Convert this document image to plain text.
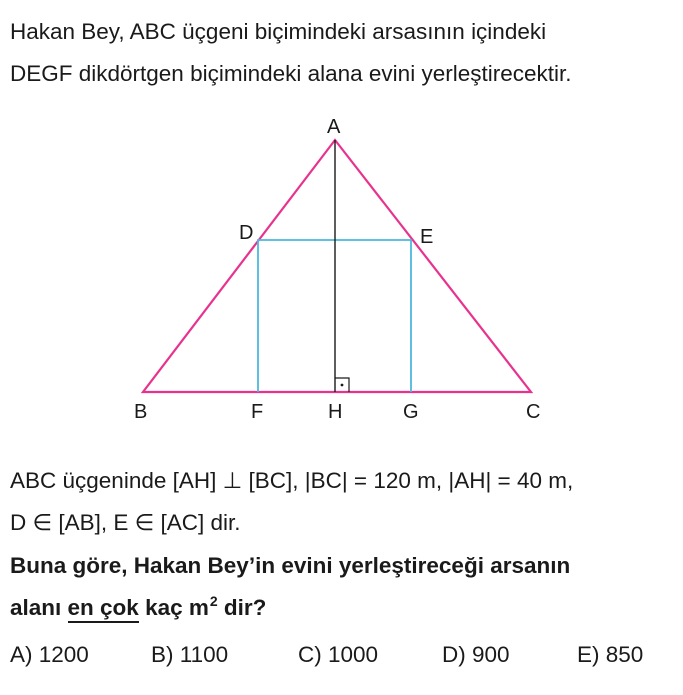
Hakan Bey, ABC üçgeni biçimindeki arsasının içindeki
DEGF dikdörtgen biçimindeki alana evini yerleştirecektir.
A
B	C
D	E
F	H	G
ABC üçgeninde [AH] ⊥ [BC], |BC| = 120 m, |AH| = 40 m,
D ∈ [AB], E ∈ [AC] dir.
Buna göre, Hakan Bey’in evini yerleştireceği arsanın
alanı en çok kaç $m^2$ dir?
A) 1200	B) 1100	C) 1000	D) 900	E) 850
